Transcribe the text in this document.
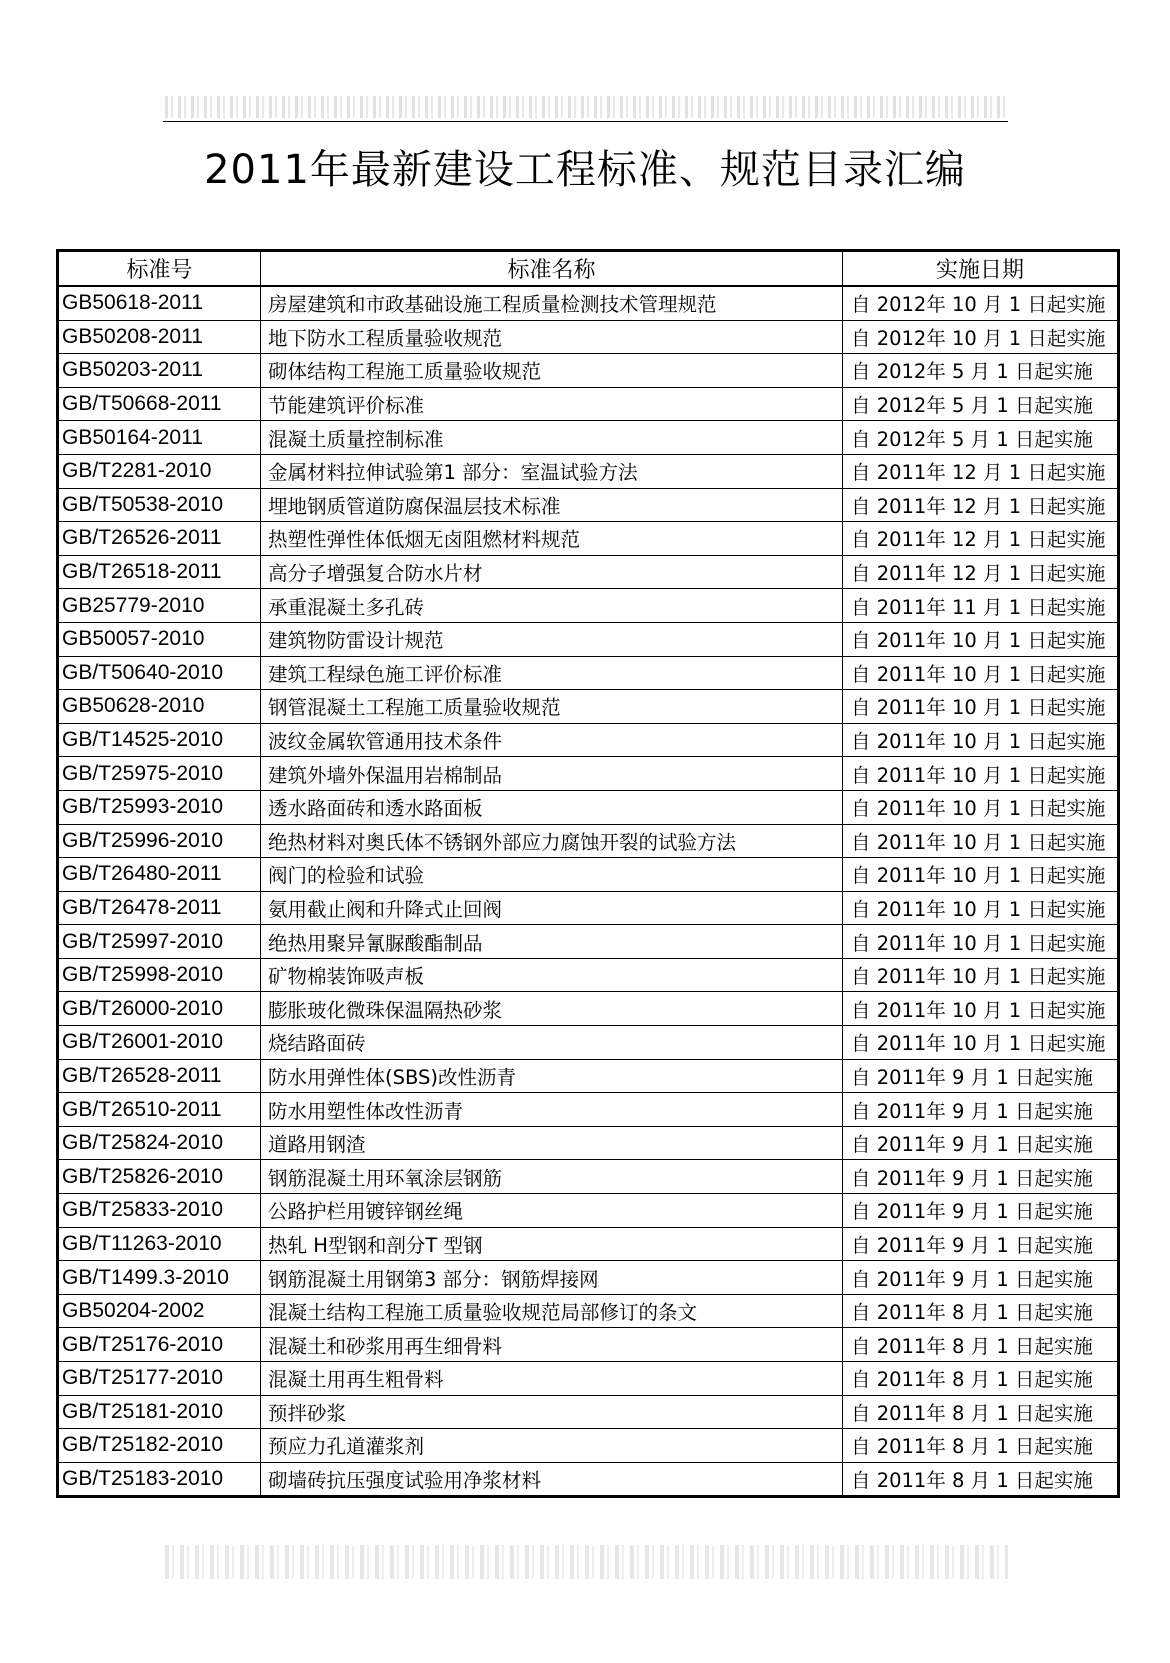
2011年最新建设工程标准、规范目录汇编
标准号	标准名称	实施日期
GB50618-2011	房屋建筑和市政基础设施工程质量检测技术管理规范	自 2012年 10 月 1 日起实施
GB50208-2011	地下防水工程质量验收规范	自 2012年 10 月 1 日起实施
GB50203-2011	砌体结构工程施工质量验收规范	自 2012年 5 月 1 日起实施
GB/T50668-2011	节能建筑评价标准	自 2012年 5 月 1 日起实施
GB50164-2011	混凝土质量控制标准	自 2012年 5 月 1 日起实施
GB/T2281-2010	金属材料拉伸试验第1 部分：室温试验方法	自 2011年 12 月 1 日起实施
GB/T50538-2010	埋地钢质管道防腐保温层技术标准	自 2011年 12 月 1 日起实施
GB/T26526-2011	热塑性弹性体低烟无卤阻燃材料规范	自 2011年 12 月 1 日起实施
GB/T26518-2011	高分子增强复合防水片材	自 2011年 12 月 1 日起实施
GB25779-2010	承重混凝土多孔砖	自 2011年 11 月 1 日起实施
GB50057-2010	建筑物防雷设计规范	自 2011年 10 月 1 日起实施
GB/T50640-2010	建筑工程绿色施工评价标准	自 2011年 10 月 1 日起实施
GB50628-2010	钢管混凝土工程施工质量验收规范	自 2011年 10 月 1 日起实施
GB/T14525-2010	波纹金属软管通用技术条件	自 2011年 10 月 1 日起实施
GB/T25975-2010	建筑外墙外保温用岩棉制品	自 2011年 10 月 1 日起实施
GB/T25993-2010	透水路面砖和透水路面板	自 2011年 10 月 1 日起实施
GB/T25996-2010	绝热材料对奥氏体不锈钢外部应力腐蚀开裂的试验方法	自 2011年 10 月 1 日起实施
GB/T26480-2011	阀门的检验和试验	自 2011年 10 月 1 日起实施
GB/T26478-2011	氨用截止阀和升降式止回阀	自 2011年 10 月 1 日起实施
GB/T25997-2010	绝热用聚异氰脲酸酯制品	自 2011年 10 月 1 日起实施
GB/T25998-2010	矿物棉装饰吸声板	自 2011年 10 月 1 日起实施
GB/T26000-2010	膨胀玻化微珠保温隔热砂浆	自 2011年 10 月 1 日起实施
GB/T26001-2010	烧结路面砖	自 2011年 10 月 1 日起实施
GB/T26528-2011	防水用弹性体(SBS)改性沥青	自 2011年 9 月 1 日起实施
GB/T26510-2011	防水用塑性体改性沥青	自 2011年 9 月 1 日起实施
GB/T25824-2010	道路用钢渣	自 2011年 9 月 1 日起实施
GB/T25826-2010	钢筋混凝土用环氧涂层钢筋	自 2011年 9 月 1 日起实施
GB/T25833-2010	公路护栏用镀锌钢丝绳	自 2011年 9 月 1 日起实施
GB/T11263-2010	热轧 H型钢和剖分T 型钢	自 2011年 9 月 1 日起实施
GB/T1499.3-2010	钢筋混凝土用钢第3 部分：钢筋焊接网	自 2011年 9 月 1 日起实施
GB50204-2002	混凝土结构工程施工质量验收规范局部修订的条文	自 2011年 8 月 1 日起实施
GB/T25176-2010	混凝土和砂浆用再生细骨料	自 2011年 8 月 1 日起实施
GB/T25177-2010	混凝土用再生粗骨料	自 2011年 8 月 1 日起实施
GB/T25181-2010	预拌砂浆	自 2011年 8 月 1 日起实施
GB/T25182-2010	预应力孔道灌浆剂	自 2011年 8 月 1 日起实施
GB/T25183-2010	砌墙砖抗压强度试验用净浆材料	自 2011年 8 月 1 日起实施
